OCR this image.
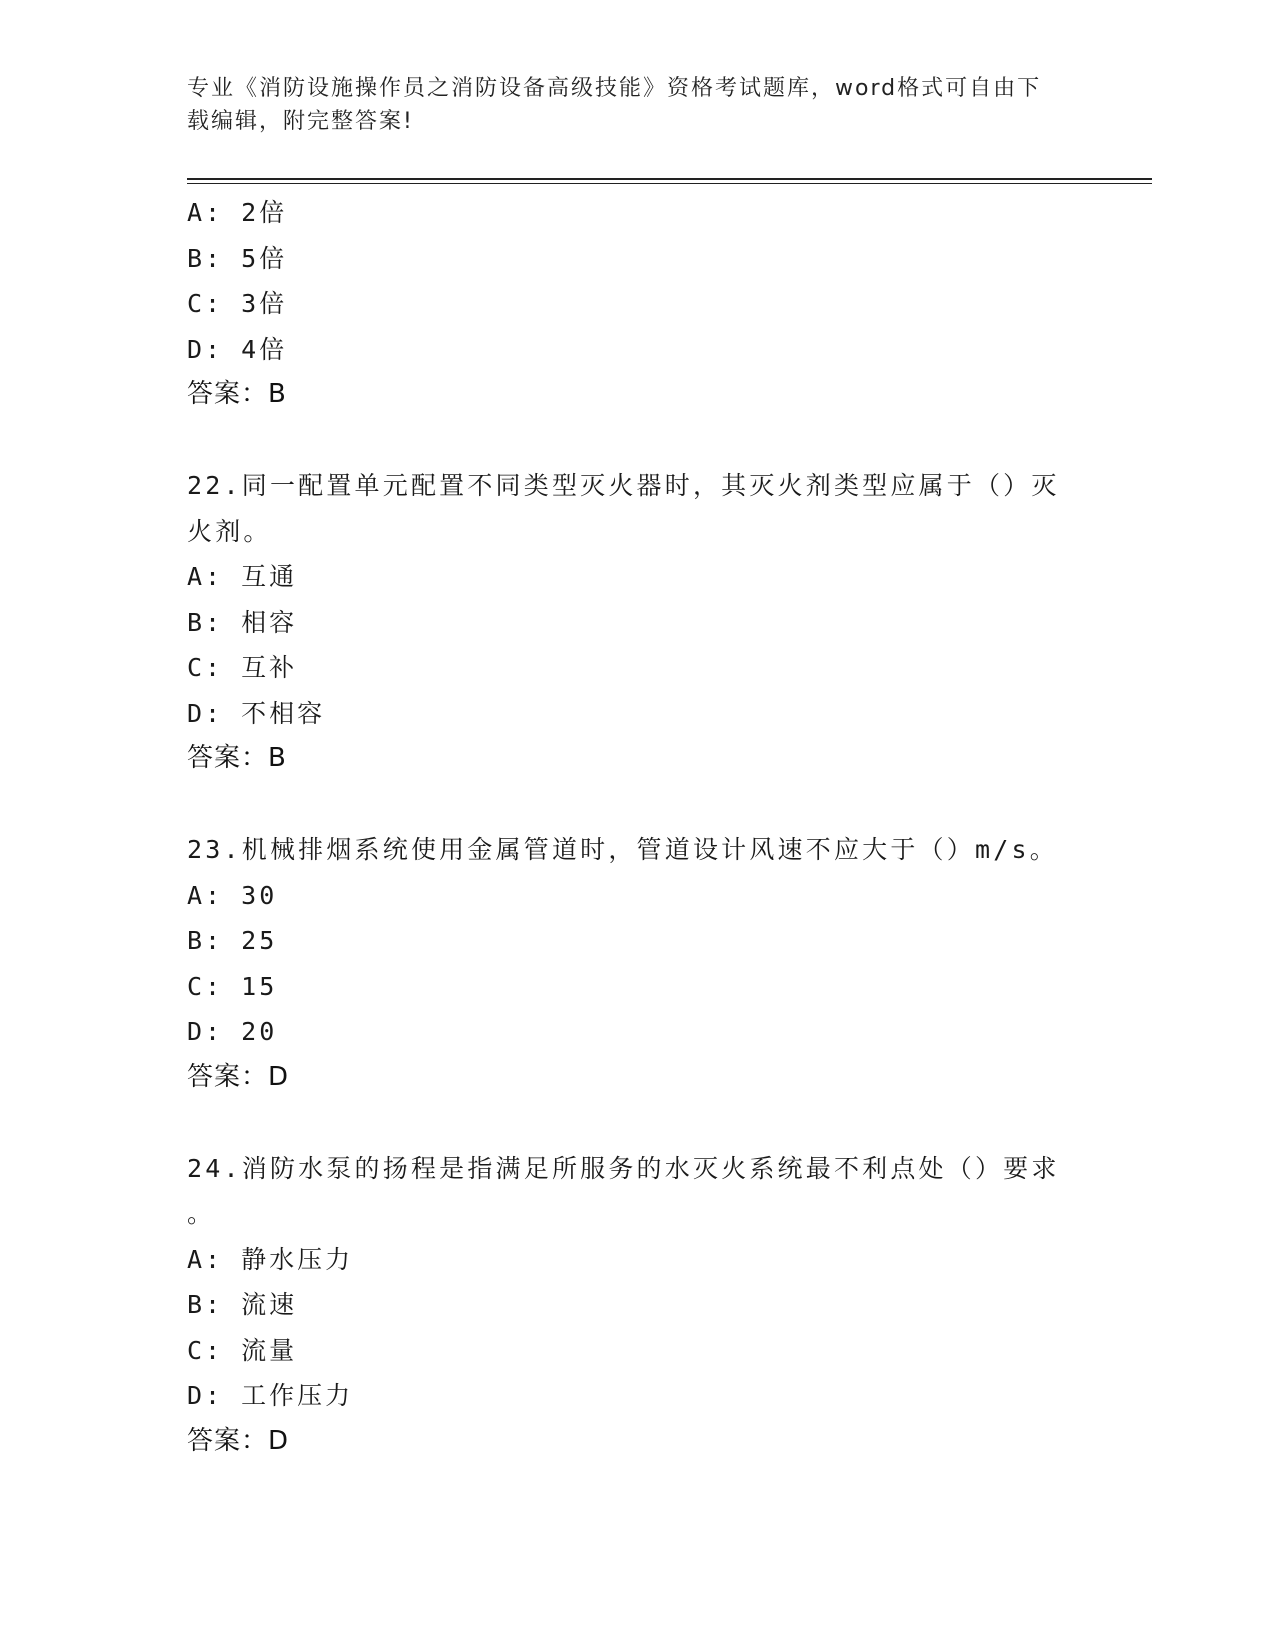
专业《消防设施操作员之消防设备高级技能》资格考试题库，word格式可自由下
载编辑，附完整答案!
A: 2倍
B: 5倍
C: 3倍
D: 4倍
答案：B
22.同一配置单元配置不同类型灭火器时，其灭火剂类型应属于（）灭
火剂。
A: 互通
B: 相容
C: 互补
D: 不相容
答案：B
23.机械排烟系统使用金属管道时，管道设计风速不应大于（）m/s。
A: 30
B: 25
C: 15
D: 20
答案：D
24.消防水泵的扬程是指满足所服务的水灭火系统最不利点处（）要求
。
A: 静水压力
B: 流速
C: 流量
D: 工作压力
答案：D
